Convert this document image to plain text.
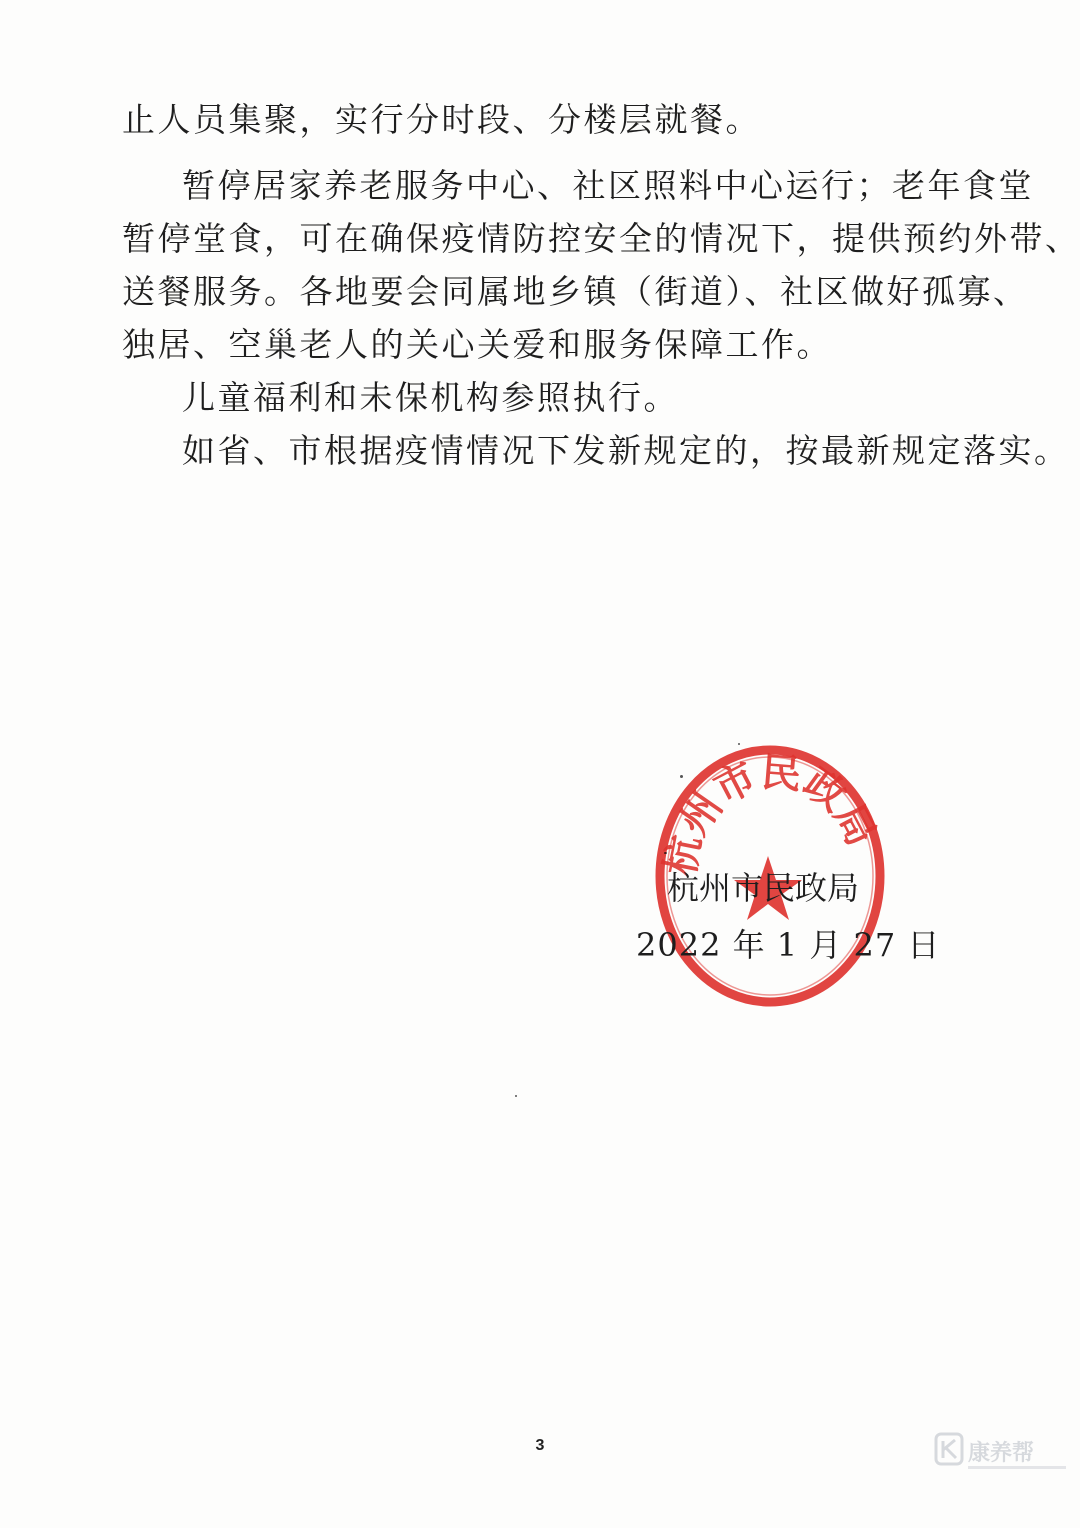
止人员集聚，实行分时段、分楼层就餐。
暂停居家养老服务中心、社区照料中心运行；老年食堂
暂停堂食，可在确保疫情防控安全的情况下，提供预约外带、
送餐服务。各地要会同属地乡镇（街道）、社区做好孤寡、
独居、空巢老人的关心关爱和服务保障工作。
儿童福利和未保机构参照执行。
如省、市根据疫情情况下发新规定的，按最新规定落实。
杭州市民政局
杭州市民政局
2022 年 1 月 27 日
3	康养帮
